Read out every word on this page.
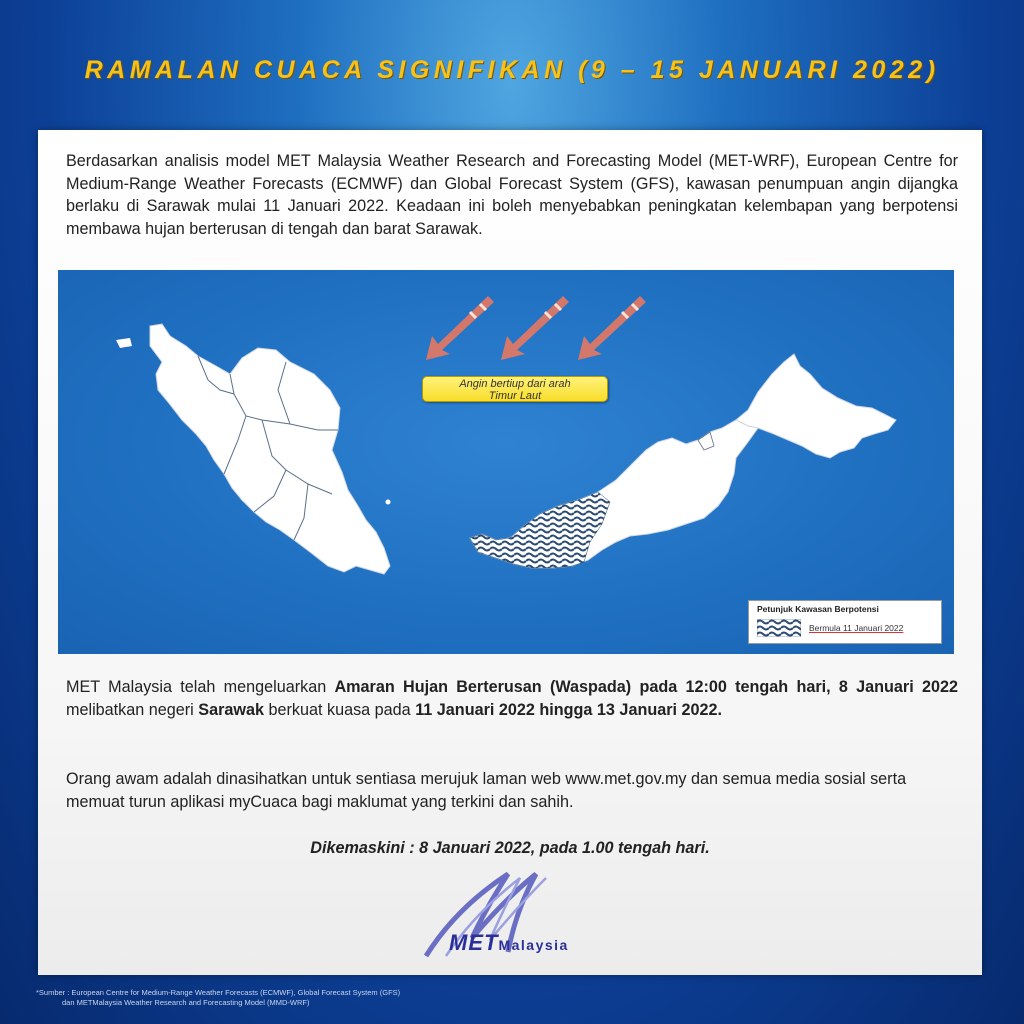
RAMALAN CUACA SIGNIFIKAN (9 – 15 JANUARI 2022)
Berdasarkan analisis model MET Malaysia Weather Research and Forecasting Model (MET-WRF), European Centre for Medium-Range Weather Forecasts (ECMWF) dan Global Forecast System (GFS), kawasan penumpuan angin dijangka berlaku di Sarawak mulai 11 Januari 2022. Keadaan ini boleh menyebabkan peningkatan kelembapan yang berpotensi membawa hujan berterusan di tengah dan barat Sarawak.
Angin bertiup dari arah
Timur Laut
Petunjuk Kawasan Berpotensi
Bermula 11 Januari 2022
MET Malaysia telah mengeluarkan Amaran Hujan Berterusan (Waspada) pada 12:00 tengah hari, 8 Januari 2022 melibatkan negeri Sarawak berkuat kuasa pada 11 Januari 2022 hingga 13 Januari 2022.
Orang awam adalah dinasihatkan untuk sentiasa merujuk laman web www.met.gov.my dan semua media sosial serta memuat turun aplikasi myCuaca bagi maklumat yang terkini dan sahih.
Dikemaskini : 8 Januari 2022, pada 1.00 tengah hari.
METMalaysia
*Sumber : European Centre for Medium-Range Weather Forecasts (ECMWF), Global Forecast System (GFS)
dan METMalaysia Weather Research and Forecasting Model (MMD-WRF)
